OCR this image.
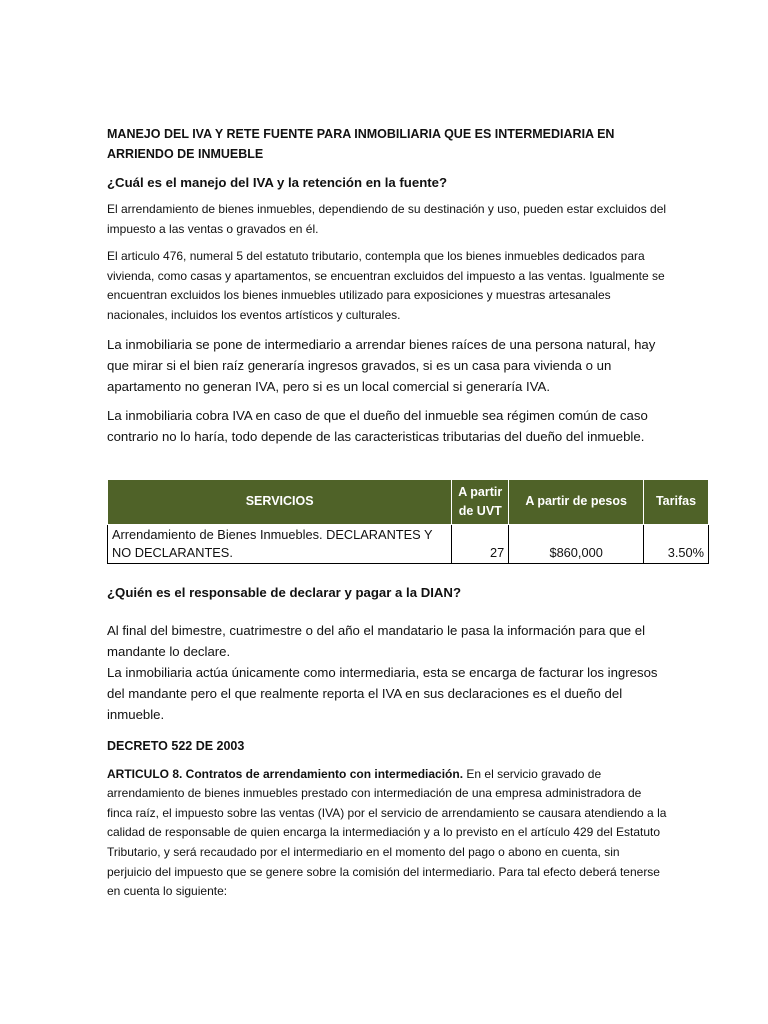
MANEJO DEL IVA Y RETE FUENTE PARA INMOBILIARIA QUE ES INTERMEDIARIA EN ARRIENDO DE INMUEBLE
¿Cuál es el manejo del IVA y la retención en la fuente?

El arrendamiento de bienes inmuebles, dependiendo de su destinación y uso, pueden estar excluidos del impuesto a las ventas o gravados en él.

El articulo 476, numeral 5 del estatuto tributario, contempla que los bienes inmuebles dedicados para vivienda, como casas y apartamentos, se encuentran excluidos del impuesto a las ventas. Igualmente se encuentran excluidos los bienes inmuebles utilizado para exposiciones y muestras artesanales nacionales, incluidos los eventos artísticos y culturales.

La inmobiliaria se pone de intermediario a arrendar bienes raíces de una persona natural, hay que mirar si el bien raíz generaría ingresos gravados, si es un casa para vivienda o un apartamento no generan IVA, pero si es un local comercial si generaría IVA.

La inmobiliaria cobra IVA en caso de que el dueño del inmueble sea régimen común de caso contrario no lo haría, todo depende de las caracteristicas tributarias del dueño del inmueble.

SERVICIOS	A partir de UVT	A partir de pesos	Tarifas
Arrendamiento de Bienes Inmuebles. DECLARANTES Y NO DECLARANTES.	27	$860,000	3.50%
¿Quién es el responsable de declarar y pagar a la DIAN?

Al final del bimestre, cuatrimestre o del año el mandatario le pasa la información para que el mandante lo declare.

La inmobiliaria actúa únicamente como intermediaria, esta se encarga de facturar los ingresos del mandante pero el que realmente reporta el IVA en sus declaraciones es el dueño del inmueble.

DECRETO 522 DE 2003
ARTICULO 8. Contratos de arrendamiento con intermediación. En el servicio gravado de arrendamiento de bienes inmuebles prestado con intermediación de una empresa administradora de finca raíz, el impuesto sobre las ventas (IVA) por el servicio de arrendamiento se causara atendiendo a la calidad de responsable de quien encarga la intermediación y a lo previsto en el artículo 429 del Estatuto Tributario, y será recaudado por el intermediario en el momento del pago o abono en cuenta, sin perjuicio del impuesto que se genere sobre la comisión del intermediario. Para tal efecto deberá tenerse en cuenta lo siguiente:
